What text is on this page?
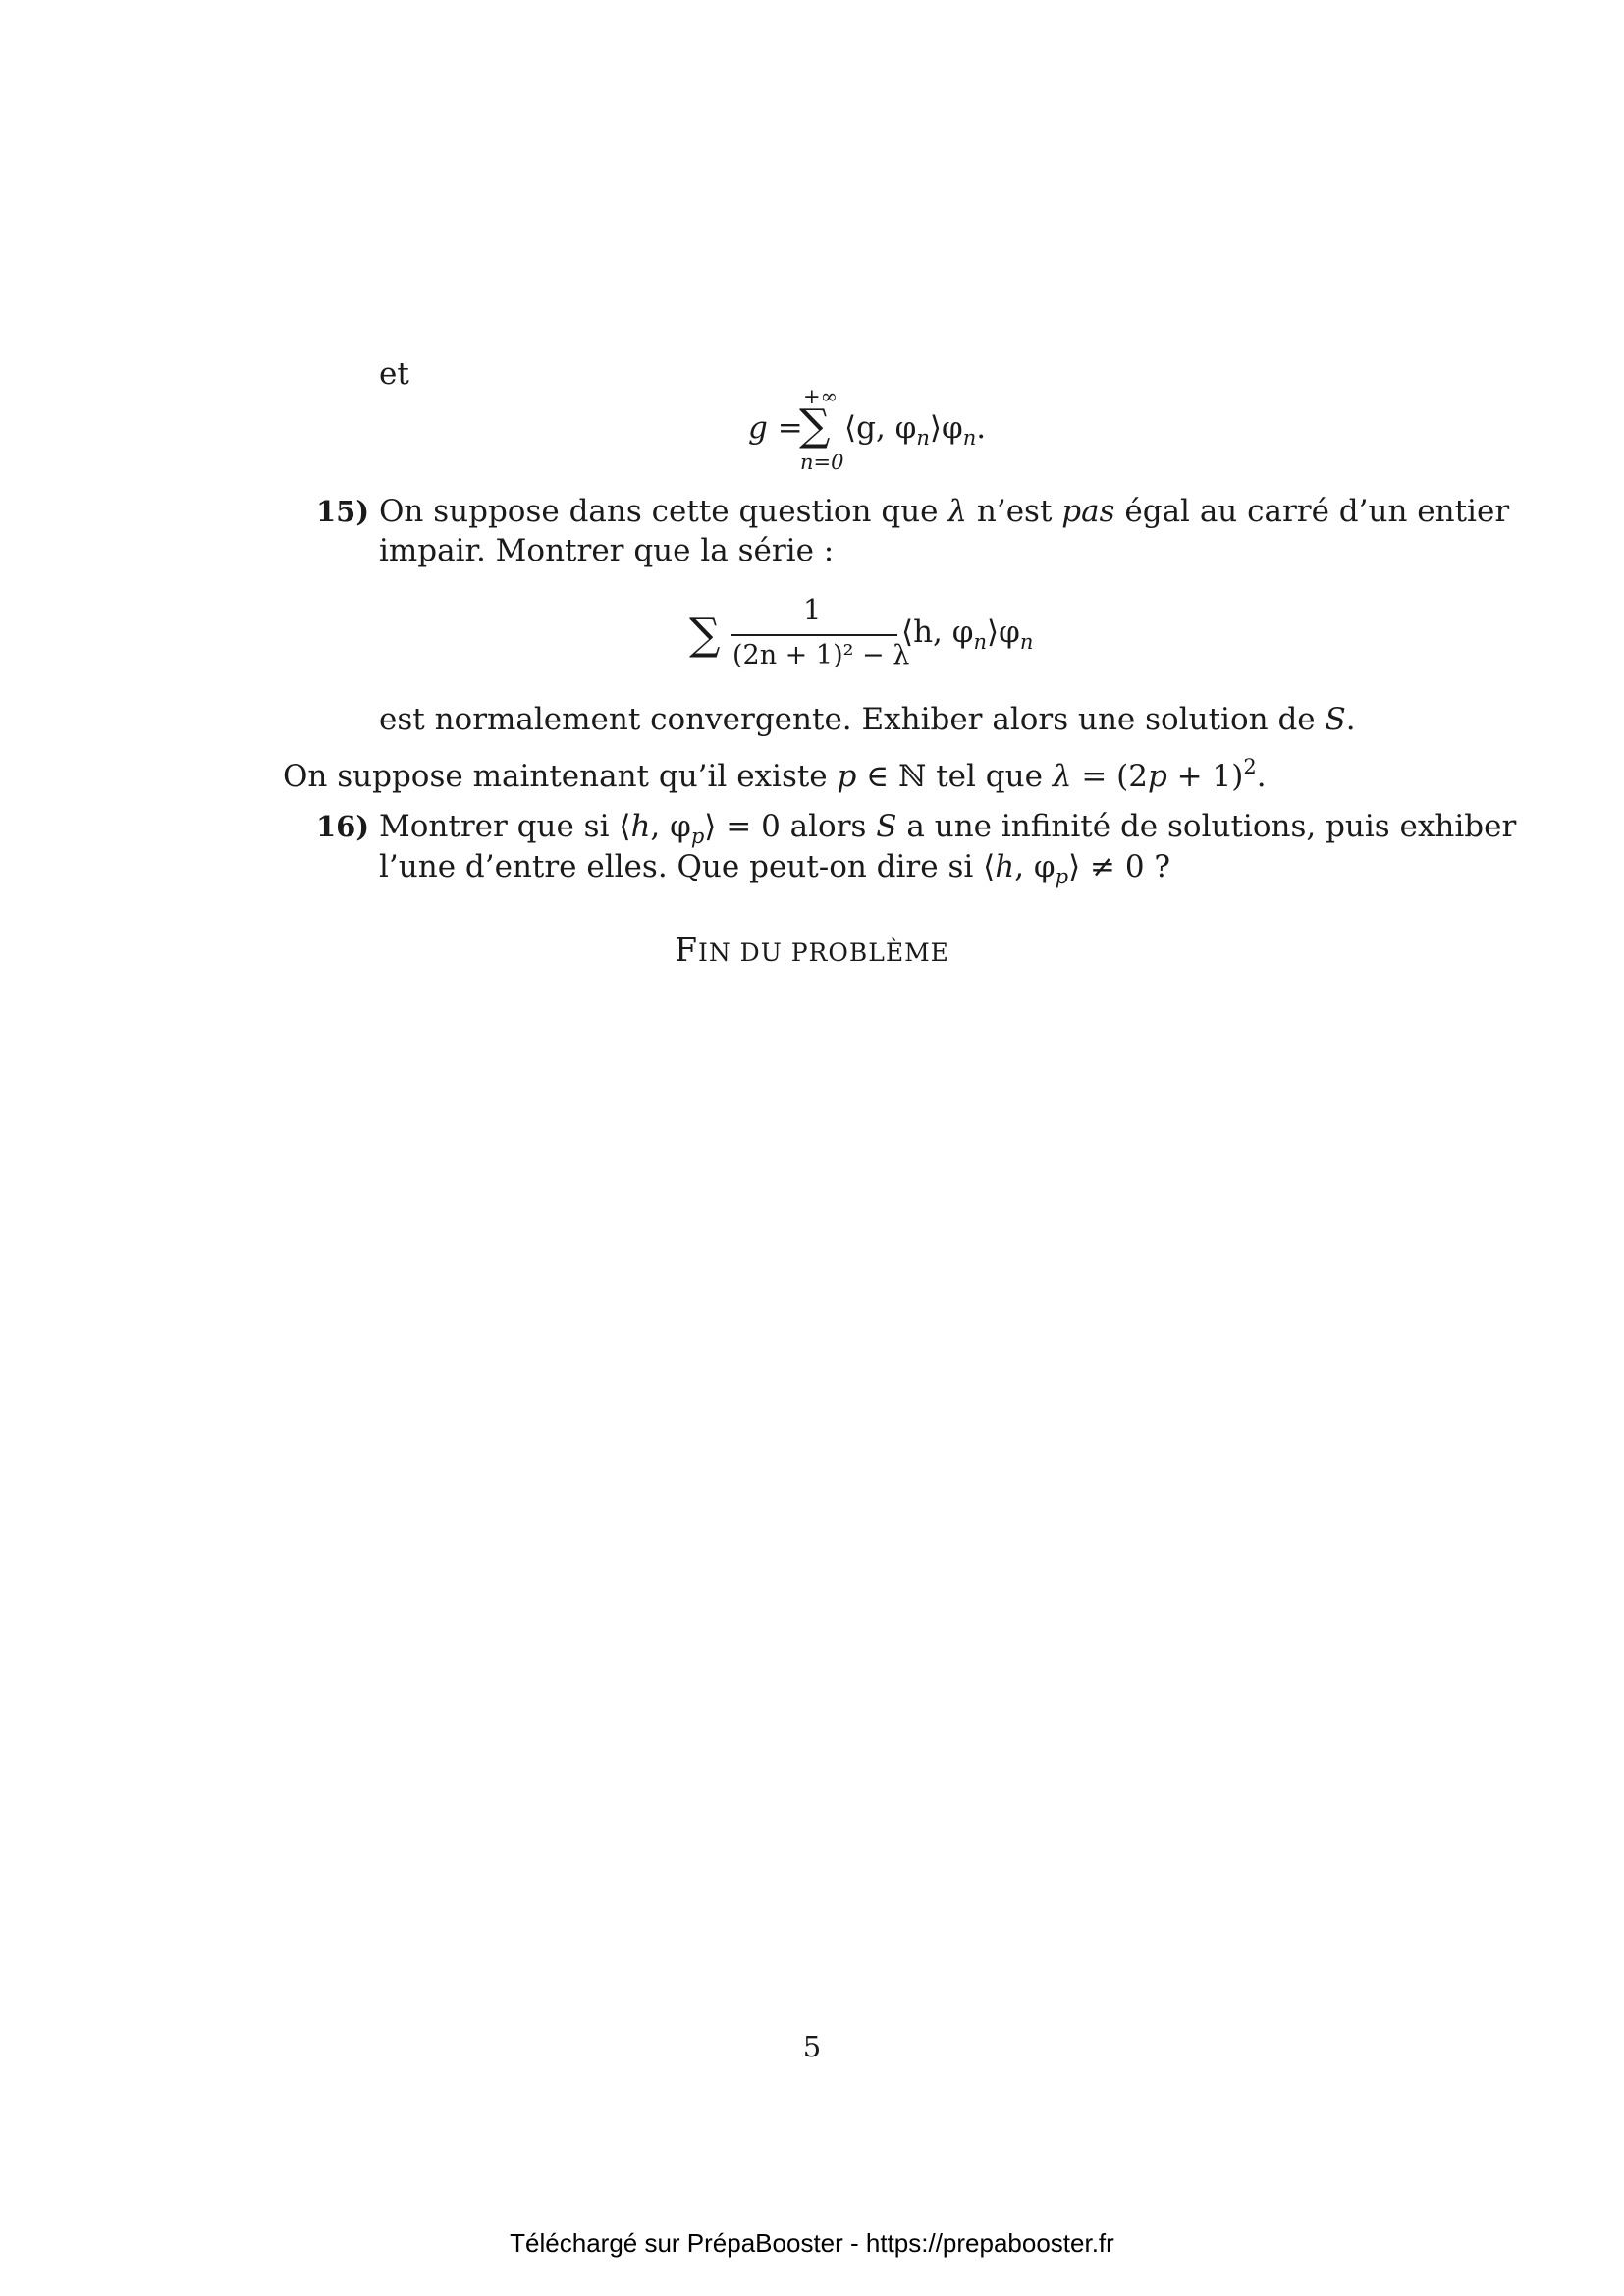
et
g =
+∞
∑
n=0
⟨g, $\varphi_n⟩\varphi_n$.
15) On suppose dans cette question que λ n’est pas égal au carré d’un entier
impair. Montrer que la série :
∑	1
(2n + 1)² − λ
⟨h, $\varphi_n⟩\varphi_n$
est normalement convergente. Exhiber alors une solution de S.
On suppose maintenant qu’il existe p ∈ ℕ tel que $\lambda = (2p + 1)^2$.
16) Montrer que si ⟨h, $\varphi_p⟩ = 0$ alors S a une infinité de solutions, puis exhiber
l’une d’entre elles. Que peut-on dire si ⟨h, $\varphi_p⟩ \ne 0$ ?
FIN DU PROBLÈME
5
Téléchargé sur PrépaBooster - https://prepabooster.fr
